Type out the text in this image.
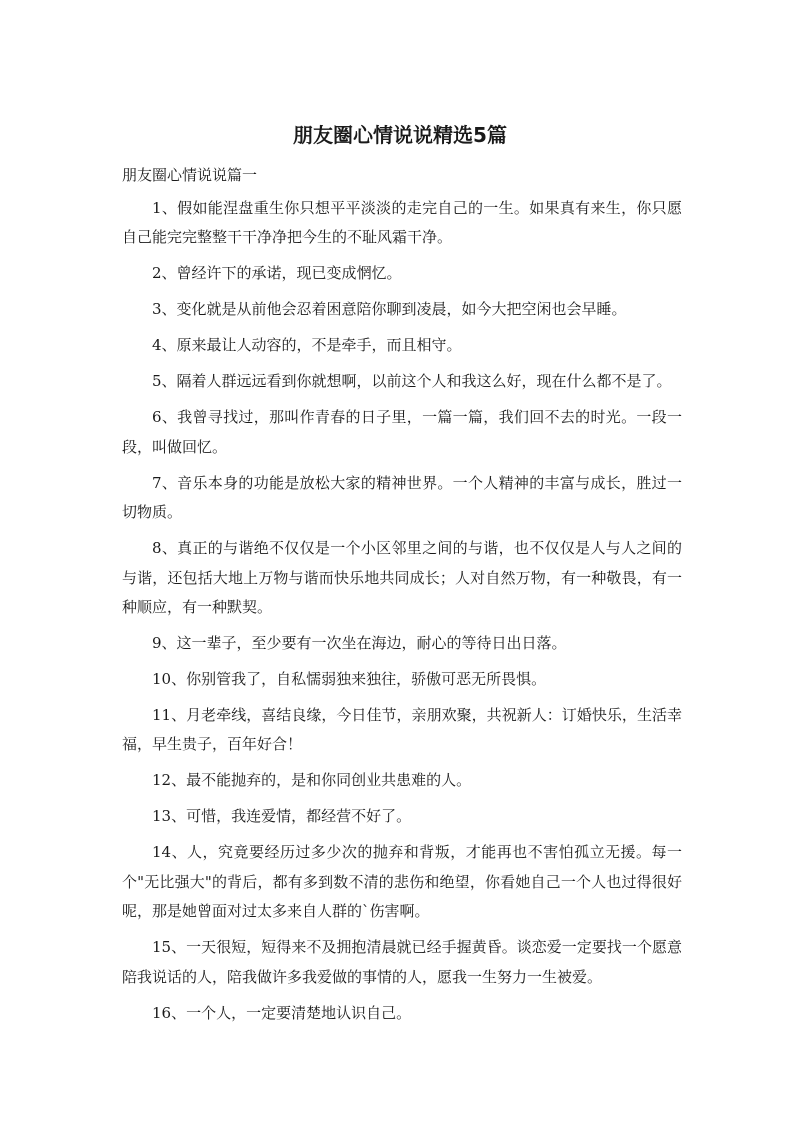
朋友圈心情说说精选5篇
朋友圈心情说说篇一

1、假如能涅盘重生你只想平平淡淡的走完自己的一生。如果真有来生，你只愿自己能完完整整干干净净把今生的不耻风霜干净。

2、曾经许下的承诺，现已变成惘忆。

3、变化就是从前他会忍着困意陪你聊到凌晨，如今大把空闲也会早睡。

4、原来最让人动容的，不是牵手，而且相守。

5、隔着人群远远看到你就想啊，以前这个人和我这么好，现在什么都不是了。

6、我曾寻找过，那叫作青春的日子里，一篇一篇，我们回不去的时光。一段一段，叫做回忆。

7、音乐本身的功能是放松大家的精神世界。一个人精神的丰富与成长，胜过一切物质。

8、真正的与谐绝不仅仅是一个小区邻里之间的与谐，也不仅仅是人与人之间的与谐，还包括大地上万物与谐而快乐地共同成长；人对自然万物，有一种敬畏，有一种顺应，有一种默契。

9、这一辈子，至少要有一次坐在海边，耐心的等待日出日落。

10、你别管我了，自私懦弱独来独往，骄傲可恶无所畏惧。

11、月老牵线，喜结良缘，今日佳节，亲朋欢聚，共祝新人：订婚快乐，生活幸福，早生贵子，百年好合！

12、最不能抛弃的，是和你同创业共患难的人。

13、可惜，我连爱情，都经营不好了。

14、人，究竟要经历过多少次的抛弃和背叛，才能再也不害怕孤立无援。每一个"无比强大"的背后，都有多到数不清的悲伤和绝望，你看她自己一个人也过得很好呢，那是她曾面对过太多来自人群的`伤害啊。

15、一天很短，短得来不及拥抱清晨就已经手握黄昏。谈恋爱一定要找一个愿意陪我说话的人，陪我做许多我爱做的事情的人，愿我一生努力一生被爱。

16、一个人，一定要清楚地认识自己。
